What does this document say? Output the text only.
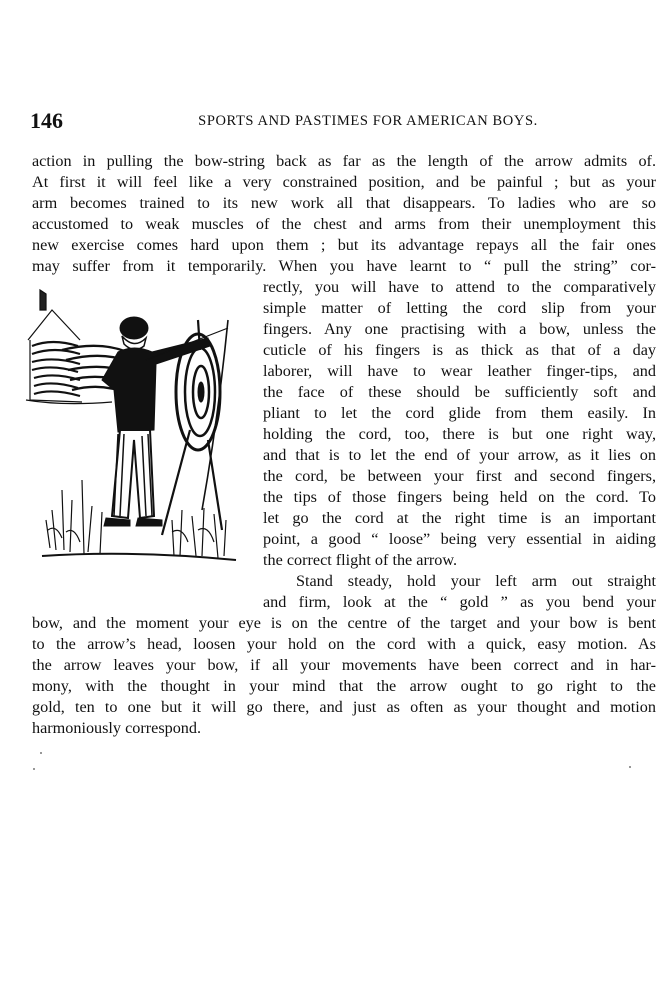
146	SPORTS AND PASTIMES FOR AMERICAN BOYS.
action in pulling the bow-string back as far as the length of the arrow admits of.
At first it will feel like a very constrained position, and be painful ; but as your
arm becomes trained to its new work all that disappears. To ladies who are so
accustomed to weak muscles of the chest and arms from their unemployment this
new exercise comes hard upon them ; but its advantage repays all the fair ones
may suffer from it temporarily. When you have learnt to “ pull the string” cor-
rectly, you will have to attend to the comparatively
simple matter of letting the cord slip from your
fingers. Any one practising with a bow, unless the
cuticle of his fingers is as thick as that of a day
laborer, will have to wear leather finger-tips, and
the face of these should be sufficiently soft and
pliant to let the cord glide from them easily. In
holding the cord, too, there is but one right way,
and that is to let the end of your arrow, as it lies on
the cord, be between your first and second fingers,
the tips of those fingers being held on the cord. To
let go the cord at the right time is an important
point, a good “ loose” being very essential in aiding
the correct flight of the arrow.
Stand steady, hold your left arm out straight
and firm, look at the “ gold ” as you bend your
bow, and the moment your eye is on the centre of the target and your bow is bent
to the arrow’s head, loosen your hold on the cord with a quick, easy motion. As
the arrow leaves your bow, if all your movements have been correct and in har-
mony, with the thought in your mind that the arrow ought to go right to the
gold, ten to one but it will go there, and just as often as your thought and motion
harmoniously correspond.
